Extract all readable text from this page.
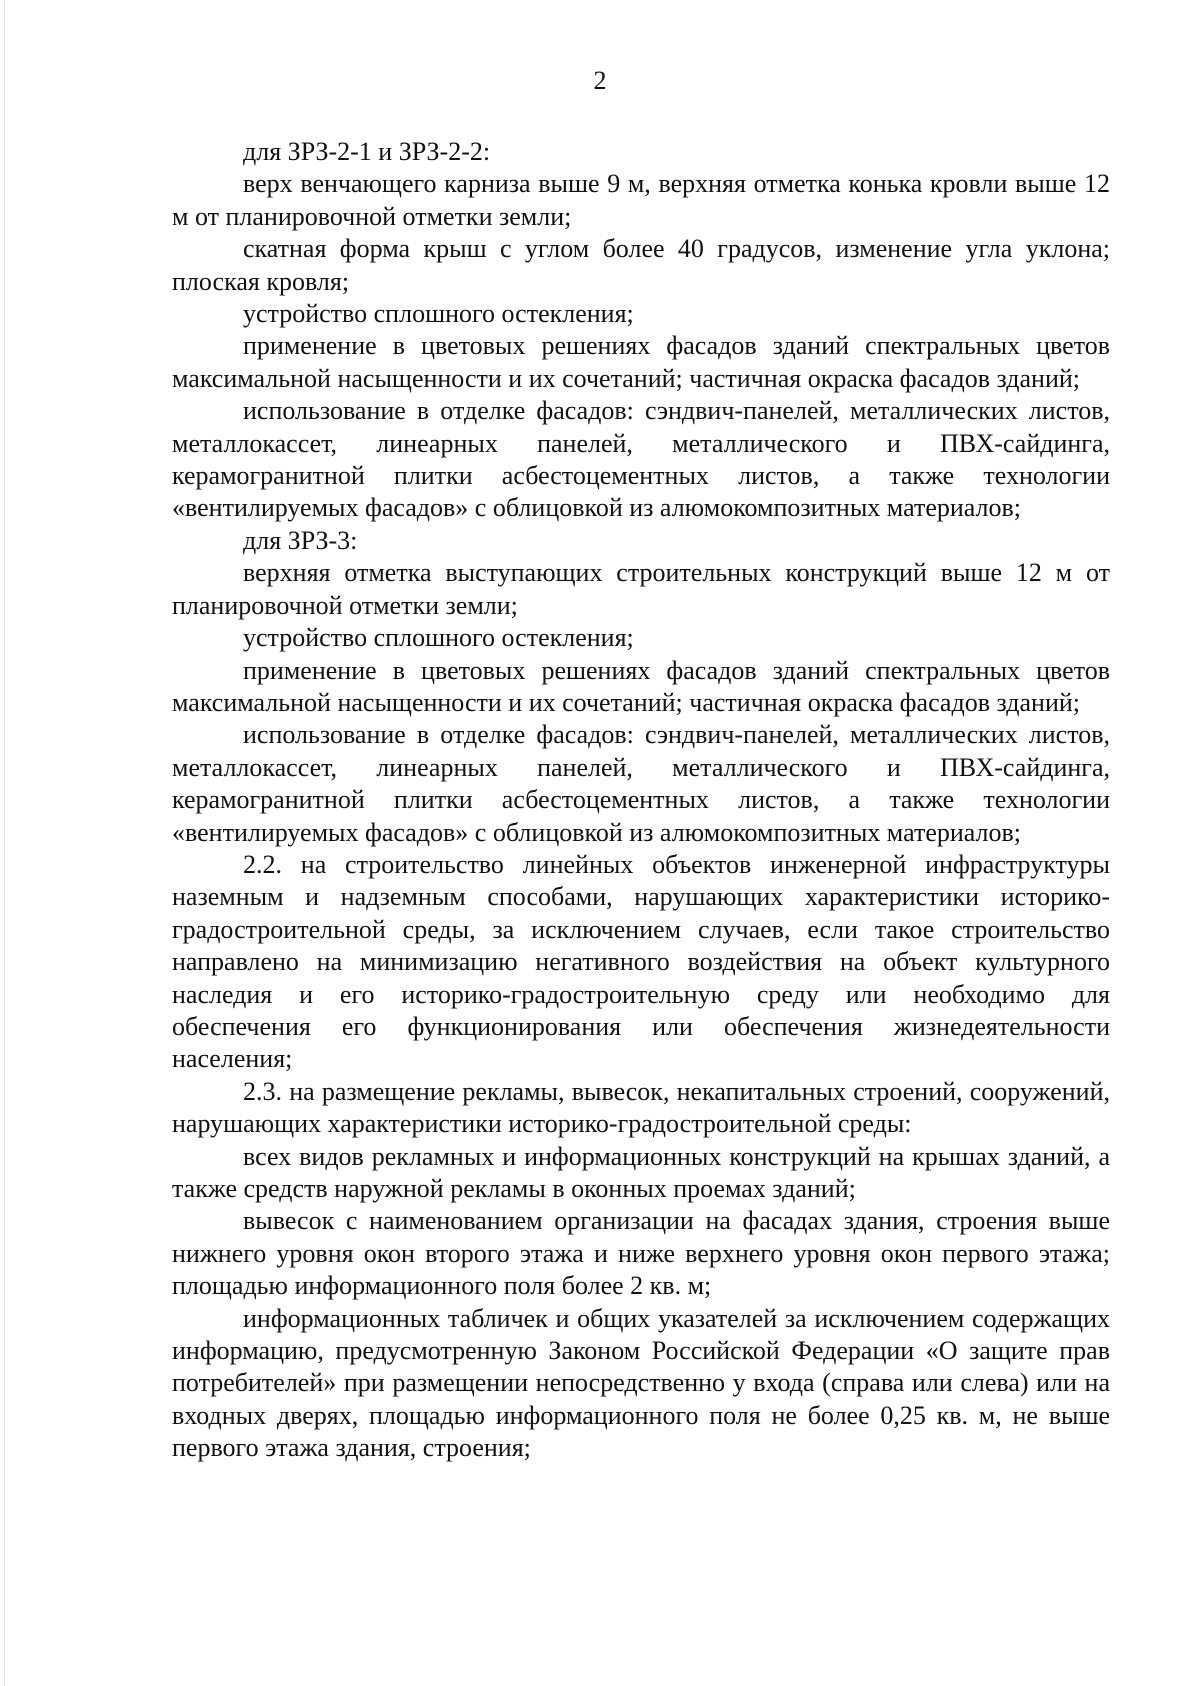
2

для ЗРЗ-2-1 и ЗРЗ-2-2:

верх венчающего карниза выше 9 м, верхняя отметка конька кровли выше 12 м от планировочной отметки земли;

скатная форма крыш с углом более 40 градусов, изменение угла уклона; плоская кровля;

устройство сплошного остекления;

применение в цветовых решениях фасадов зданий спектральных цветов максимальной насыщенности и их сочетаний; частичная окраска фасадов зданий;

использование в отделке фасадов: сэндвич-панелей, металлических листов, металлокассет, линеарных панелей, металлического и ПВХ-сайдинга, керамогранитной плитки асбестоцементных листов, а также технологии «вентилируемых фасадов» с облицовкой из алюмокомпозитных материалов;

для ЗРЗ-3:

верхняя отметка выступающих строительных конструкций выше 12 м от планировочной отметки земли;

устройство сплошного остекления;

применение в цветовых решениях фасадов зданий спектральных цветов максимальной насыщенности и их сочетаний; частичная окраска фасадов зданий;

использование в отделке фасадов: сэндвич-панелей, металлических листов, металлокассет, линеарных панелей, металлического и ПВХ-сайдинга, керамогранитной плитки асбестоцементных листов, а также технологии «вентилируемых фасадов» с облицовкой из алюмокомпозитных материалов;

2.2. на строительство линейных объектов инженерной инфраструктуры наземным и надземным способами, нарушающих характеристики историко-градостроительной среды, за исключением случаев, если такое строительство направлено на минимизацию негативного воздействия на объект культурного наследия и его историко-градостроительную среду или необходимо для обеспечения его функционирования или обеспечения жизнедеятельности населения;

2.3. на размещение рекламы, вывесок, некапитальных строений, сооружений, нарушающих характеристики историко-градостроительной среды:

всех видов рекламных и информационных конструкций на крышах зданий, а также средств наружной рекламы в оконных проемах зданий;

вывесок с наименованием организации на фасадах здания, строения выше нижнего уровня окон второго этажа и ниже верхнего уровня окон первого этажа; площадью информационного поля более 2 кв. м;

информационных табличек и общих указателей за исключением содержащих информацию, предусмотренную Законом Российской Федерации «О защите прав потребителей» при размещении непосредственно у входа (справа или слева) или на входных дверях, площадью информационного поля не более 0,25 кв. м, не выше первого этажа здания, строения;
